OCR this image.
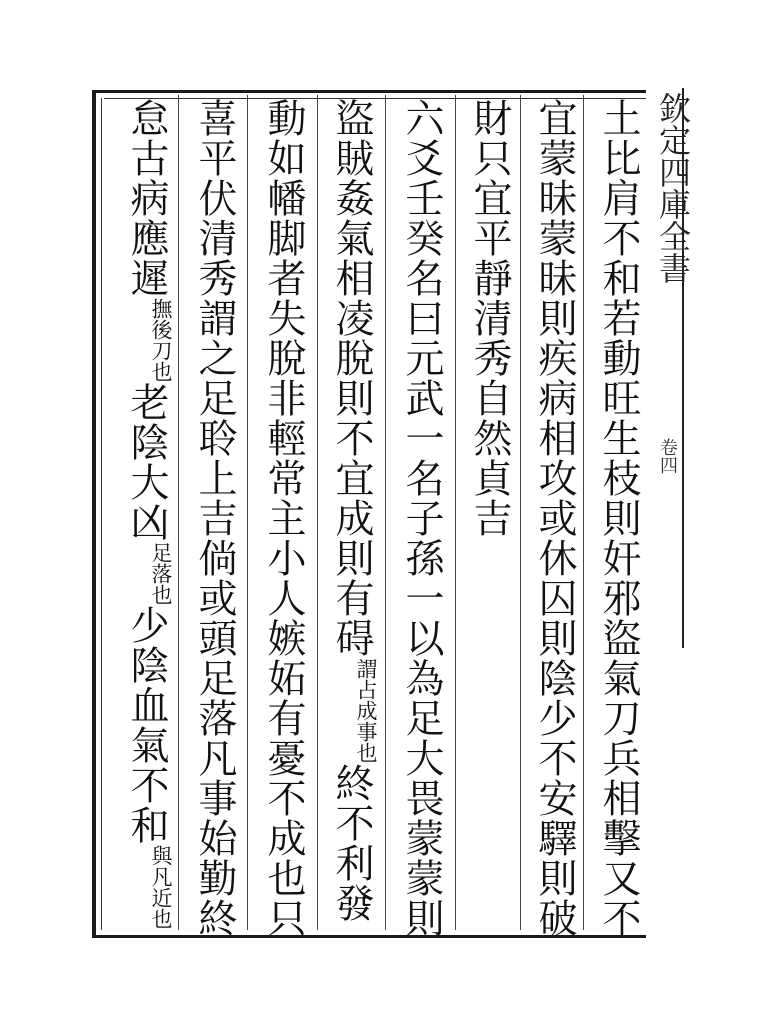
欽定四庫全書
卷四
土比肩不和若動旺生枝則奸邪盜氣刀兵相擊又不
宜蒙昧蒙昧則疾病相攻或休囚則陰少不安驛則破
財只宜平靜清秀自然貞吉
六爻壬癸名曰元武一名子孫一以為足大畏蒙蒙則
盜賊姦氣相凌脫則不宜成則有碍謂占成事也終不利發
動如幡脚者失脫非輕常主小人嫉妬有憂不成也只
喜平伏清秀謂之足聆上吉倘或頭足落凡事始勤終
怠古病應遲撫後刀也老陰大凶足落也少陰血氣不和與凡近也
